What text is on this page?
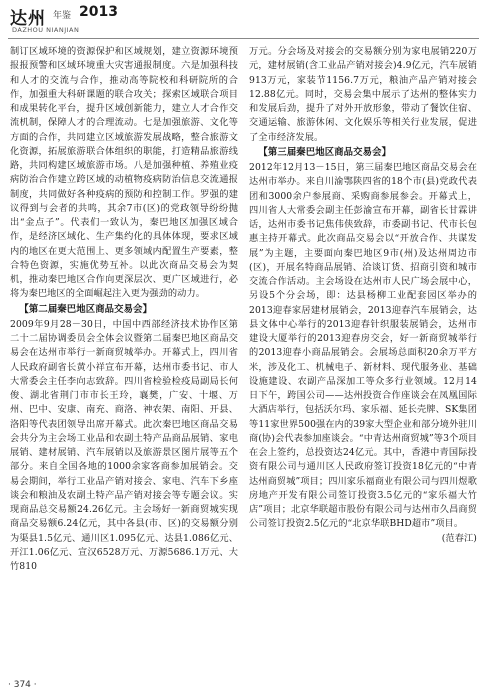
达州 年鉴 2013
DAZHOU NIANJIAN

制订区域环境的资源保护和区域规划，建立资源环境预报报预警和区域环境重大灾害通报制度。六是加强科技和人才的交流与合作，推动高等院校和科研院所的合作，加强重大科研课题的联合攻关；探索区域联合项目和成果转化平台，提升区域创新能力，建立人才合作交流机制，保障人才的合理流动。七是加强旅游、文化等方面的合作，共同建立区域旅游发展战略，整合旅游文化资源，拓展旅游联合体组织的职能，打造精品旅游线路，共同构建区域旅游市场。八是加强种植、养殖业疫病防治合作建立跨区域的动植物疫病防治信息交流通报制度，共同做好各种疫病的预防和控制工作。罗强的建议得到与会者的共鸣，其余7市(区)的党政领导纷纷抛出“金点子”。代表们一致认为，秦巴地区加强区域合作，是经济区域化、生产集约化的具体体现，要求区域内的地区在更大范围上、更多领域内配置生产要素，整合特色资源，实施优势互补。以此次商品交易会为契机，推动秦巴地区合作向更深层次、更广区域进行，必将为秦巴地区的全面崛起注入更为强劲的动力。

【第二届秦巴地区商品交易会】

2009年9月28－30日，中国中西部经济技术协作区第二十二届协调委员会全体会议暨第二届秦巴地区商品交易会在达州市举行一新商贸城举办。开幕式上，四川省人民政府副省长黄小祥宣布开幕，达州市委书记、市人大常委会主任李向志致辞。四川省检验检疫局副局长何俊、湖北省荆门市市长王玲，襄樊，广安、十堰、万州、巴中、安康、南充、商洛、神农架、南阳、开县、洛阳等代表团领导出席开幕式。此次秦巴地区商品交易会共分为主会场工业品和农副土特产品商品展销、家电展销、建材展销、汽车展销以及旅游景区图片展等五个部分。来自全国各地的1000余家客商参加展销会。交易会期间，举行工业品产销对接会、家电、汽车下乡座谈会和粮油及农副土特产品产销对接会等专题会议。实现商品总交易额24.26亿元。主会场好一新商贸城实现商品交易额6.24亿元，其中各县(市、区)的交易额分别为渠县1.5亿元、通川区1.095亿元、达县1.086亿元、开江1.06亿元、宣汉6528万元、万源5686.1万元、大竹810

万元。分会场及对接会的交易额分别为家电展销220万元，建材展销(含工业品产销对接会)4.9亿元，汽车展销913万元，家装节1156.7万元，粮油产品产销对接会12.88亿元。同时，交易会集中展示了达州的整体实力和发展后劲，提升了对外开放形象，带动了餐饮住宿、交通运输、旅游休闲、文化娱乐等相关行业发展，促进了全市经济发展。

【第三届秦巴地区商品交易会】

2012年12月13－15日，第三届秦巴地区商品交易会在达州市举办。来自川渝鄂陕四省的18个市(县)党政代表团和3000余户参展商、采购商参展参会。开幕式上，四川省人大常委会副主任彭渝宣布开幕，副省长甘霖讲话，达州市委书记焦伟侠致辞，市委副书记、代市长包惠主持开幕式。此次商品交易会以“开放合作、共谋发展”为主题，主要面向秦巴地区9市(州)及达州周边市(区)，开展名特商品展销、洽谈订货、招商引资和城市交流合作活动。主会场设在达州市人民广场会展中心，另设5个分会场，即：达县杨柳工业配套园区举办的2013迎春家居建材展销会，2013迎春汽车展销会，达县文体中心举行的2013迎春针织服装展销会，达州市建设大厦举行的2013迎春房交会，好一新商贸城举行的2013迎春小商品展销会。会展场总面积20余万平方米，涉及化工、机械电子、新材料、现代服务业、基础设施建设、农副产品深加工等众多行业领域。12月14日下午，跨国公司——达州投资合作座谈会在凤凰国际大酒店举行，包括沃尔玛、家乐福、延长壳牌、SK集团等11家世界500强在内的39家大型企业和部分境外驻川商(协)会代表参加座谈会。“中青达州商贸城”等3个项目在会上签约，总投资达24亿元。其中，香港中青国际投资有限公司与通川区人民政府签订投资18亿元的“中青达州商贸城”项目；四川家乐福商业有限公司与四川煜歌房地产开发有限公司签订投资3.5亿元的“家乐福大竹店”项目；北京华联超市股份有限公司与达州市久昌商贸公司签订投资2.5亿元的“北京华联BHD超市”项目。

(范春江)

· 374 ·
